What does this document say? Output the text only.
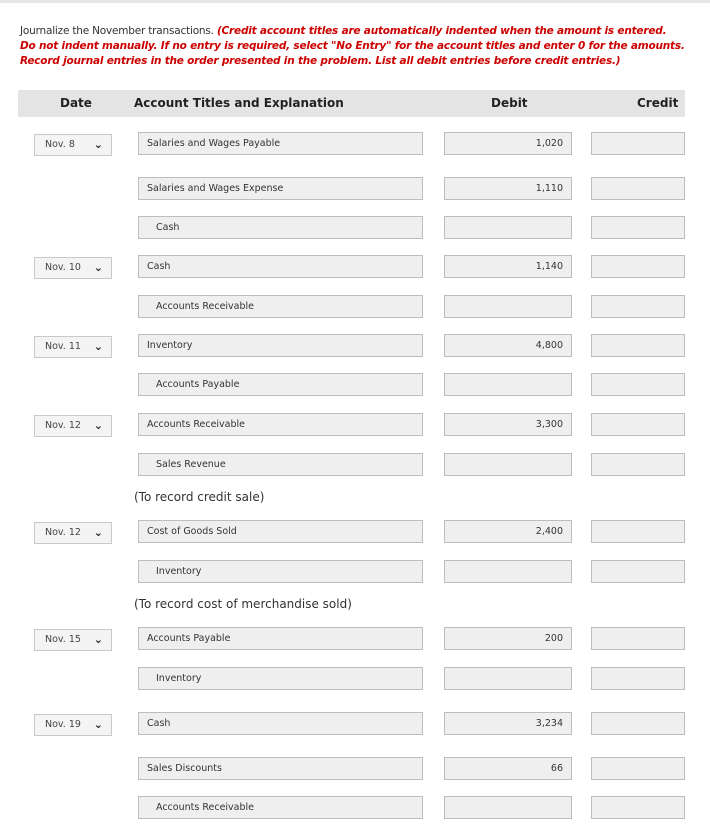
Journalize the November transactions. (Credit account titles are automatically indented when the amount is entered. Do not indent manually. If no entry is required, select "No Entry" for the account titles and enter 0 for the amounts. Record journal entries in the order presented in the problem. List all debit entries before credit entries.)
Date	Account Titles and Explanation	Debit	Credit
Nov. 8 ⌄	Salaries and Wages Payable	1,020
Salaries and Wages Expense	1,110
Cash
Nov. 10 ⌄	Cash	1,140
Accounts Receivable
Nov. 11 ⌄	Inventory	4,800
Accounts Payable
Nov. 12 ⌄	Accounts Receivable	3,300
Sales Revenue
(To record credit sale)
Nov. 12 ⌄	Cost of Goods Sold	2,400
Inventory
(To record cost of merchandise sold)
Nov. 15 ⌄	Accounts Payable	200
Inventory
Nov. 19 ⌄	Cash	3,234
Sales Discounts	66
Accounts Receivable
